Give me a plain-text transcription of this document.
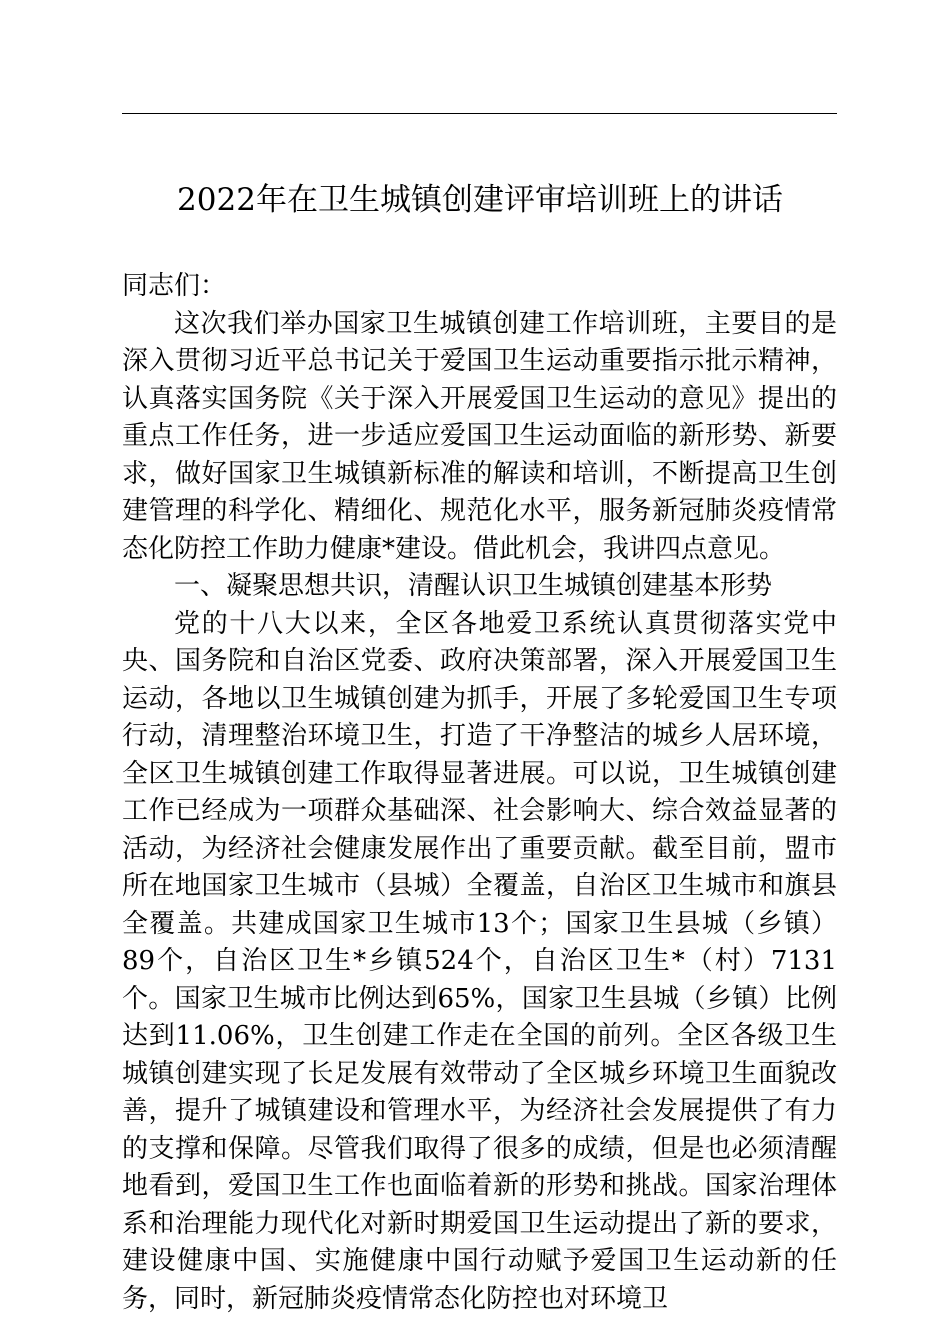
2022年在卫生城镇创建评审培训班上的讲话

同志们：

这次我们举办国家卫生城镇创建工作培训班，主要目的是深入贯彻习近平总书记关于爱国卫生运动重要指示批示精神，认真落实国务院《关于深入开展爱国卫生运动的意见》提出的重点工作任务，进一步适应爱国卫生运动面临的新形势、新要求，做好国家卫生城镇新标准的解读和培训，不断提高卫生创建管理的科学化、精细化、规范化水平，服务新冠肺炎疫情常态化防控工作助力健康*建设。借此机会，我讲四点意见。

一、凝聚思想共识，清醒认识卫生城镇创建基本形势

党的十八大以来，全区各地爱卫系统认真贯彻落实党中央、国务院和自治区党委、政府决策部署，深入开展爱国卫生运动，各地以卫生城镇创建为抓手，开展了多轮爱国卫生专项行动，清理整治环境卫生，打造了干净整洁的城乡人居环境，全区卫生城镇创建工作取得显著进展。可以说，卫生城镇创建工作已经成为一项群众基础深、社会影响大、综合效益显著的活动，为经济社会健康发展作出了重要贡献。截至目前，盟市所在地国家卫生城市（县城）全覆盖，自治区卫生城市和旗县全覆盖。共建成国家卫生城市13个；国家卫生县城（乡镇）89个，自治区卫生*乡镇524个，自治区卫生*（村）7131个。国家卫生城市比例达到65%，国家卫生县城（乡镇）比例达到11.06%，卫生创建工作走在全国的前列。全区各级卫生城镇创建实现了长足发展有效带动了全区城乡环境卫生面貌改善，提升了城镇建设和管理水平，为经济社会发展提供了有力的支撑和保障。尽管我们取得了很多的成绩，但是也必须清醒地看到，爱国卫生工作也面临着新的形势和挑战。国家治理体系和治理能力现代化对新时期爱国卫生运动提出了新的要求，建设健康中国、实施健康中国行动赋予爱国卫生运动新的任务，同时，新冠肺炎疫情常态化防控也对环境卫
